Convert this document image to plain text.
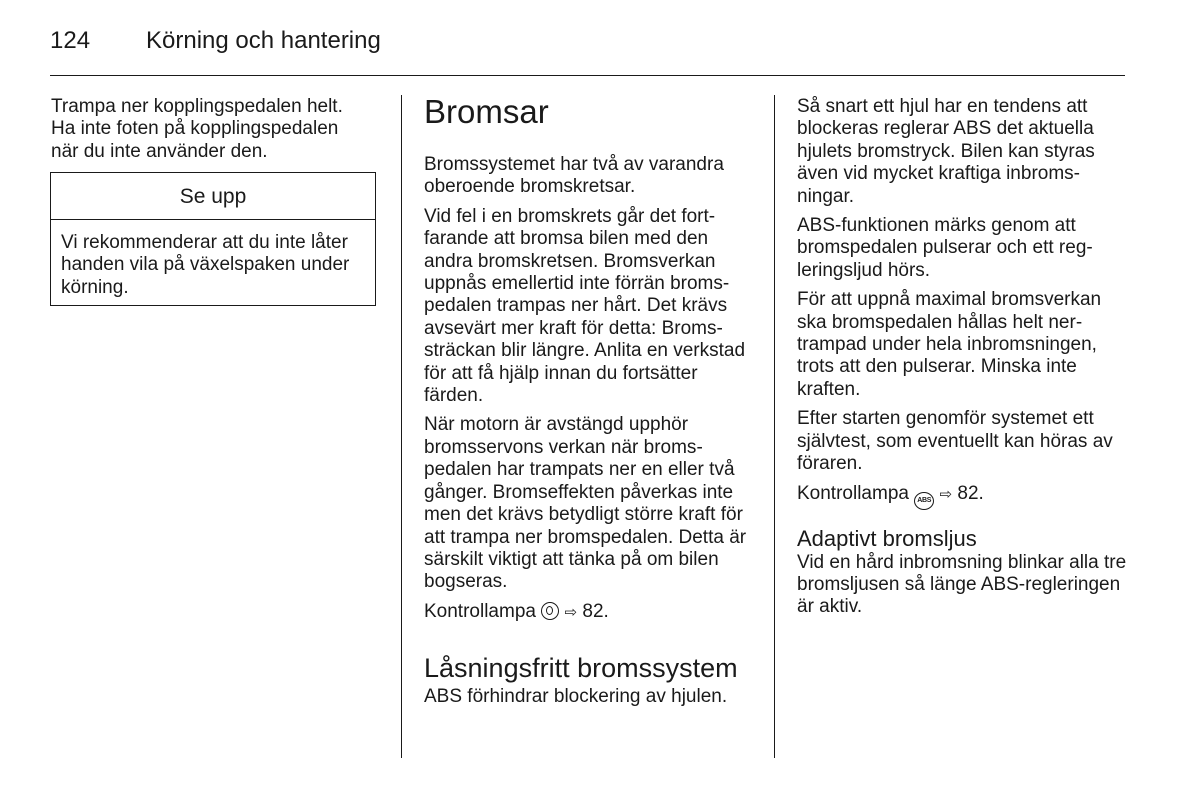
124 Körning och hantering

Trampa ner kopplingspedalen helt. Ha inte foten på kopplingspedalen när du inte använder den.

Se upp
Vi rekommenderar att du inte låter handen vila på växelspaken under körning.
Bromsar

Bromssystemet har två av varandra oberoende bromskretsar.

Vid fel i en bromskrets går det fortfarande att bromsa bilen med den andra bromskretsen. Bromsverkan uppnås emellertid inte förrän bromspedalen trampas ner hårt. Det krävs avsevärt mer kraft för detta: Bromssträckan blir längre. Anlita en verkstad för att få hjälp innan du fortsätter färden.

När motorn är avstängd upphör bromsservons verkan när bromspedalen har trampats ner en eller två gånger. Bromseffekten påverkas inte men det krävs betydligt större kraft för att trampa ner bromspedalen. Detta är särskilt viktigt att tänka på om bilen bogseras.

Kontrollampa ⇨ 82.

Låsningsfritt bromssystem

ABS förhindrar blockering av hjulen.

Så snart ett hjul har en tendens att blockeras reglerar ABS det aktuella hjulets bromstryck. Bilen kan styras även vid mycket kraftiga inbromsningar.

ABS-funktionen märks genom att bromspedalen pulserar och ett regleringsljud hörs.

För att uppnå maximal bromsverkan ska bromspedalen hållas helt nertrampad under hela inbromsningen, trots att den pulserar. Minska inte kraften.

Efter starten genomför systemet ett självtest, som eventuellt kan höras av föraren.

Kontrollampa ABS ⇨ 82.

Adaptivt bromsljus

Vid en hård inbromsning blinkar alla tre bromsljusen så länge ABS-regleringen är aktiv.
